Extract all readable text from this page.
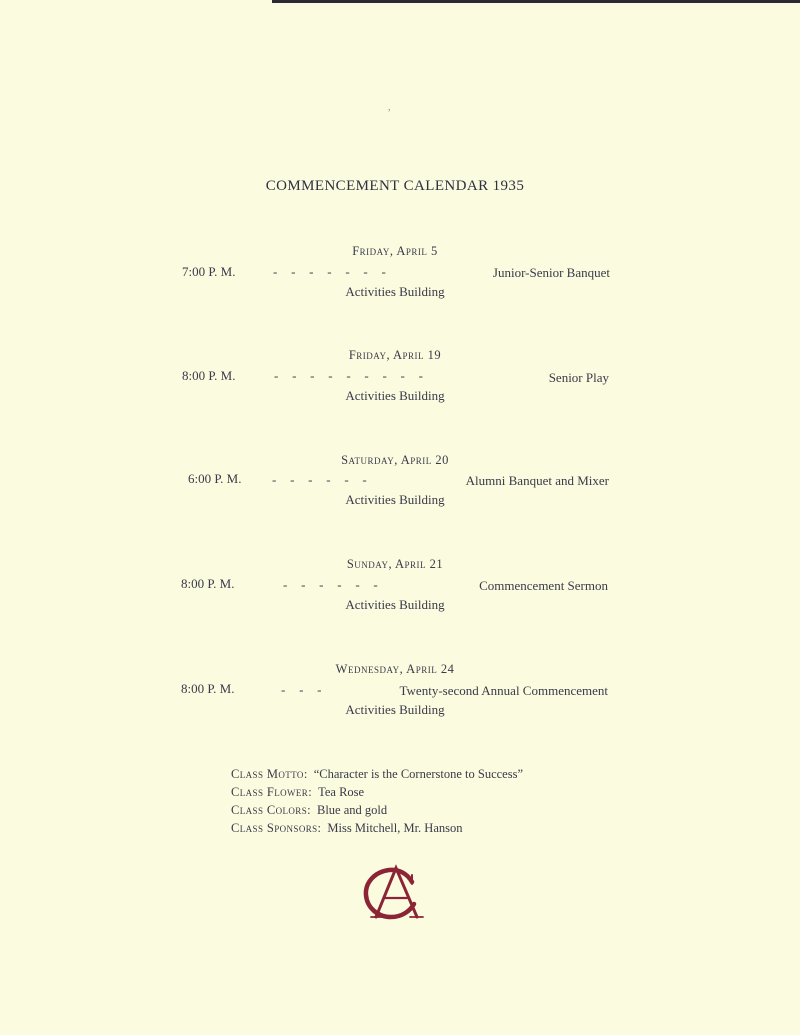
,
COMMENCEMENT CALENDAR 1935
Friday, April 5
7:00 P. M.	-   -   -   -   -   -   -	Junior-Senior Banquet
Activities Building
Friday, April 19
8:00 P. M.	-   -   -   -   -   -   -   -   -	Senior Play
Activities Building
Saturday, April 20
6:00 P. M. -   -   -   -   -   -	Alumni Banquet and Mixer
Activities Building
Sunday, April 21
8:00 P. M.	-   -   -   -   -   -	Commencement Sermon
Activities Building
Wednesday, April 24
8:00 P. M.	-   -   -	Twenty-second Annual Commencement
Activities Building
Class Motto: “Character is the Cornerstone to Success”
Class Flower: Tea Rose
Class Colors: Blue and gold
Class Sponsors: Miss Mitchell, Mr. Hanson
